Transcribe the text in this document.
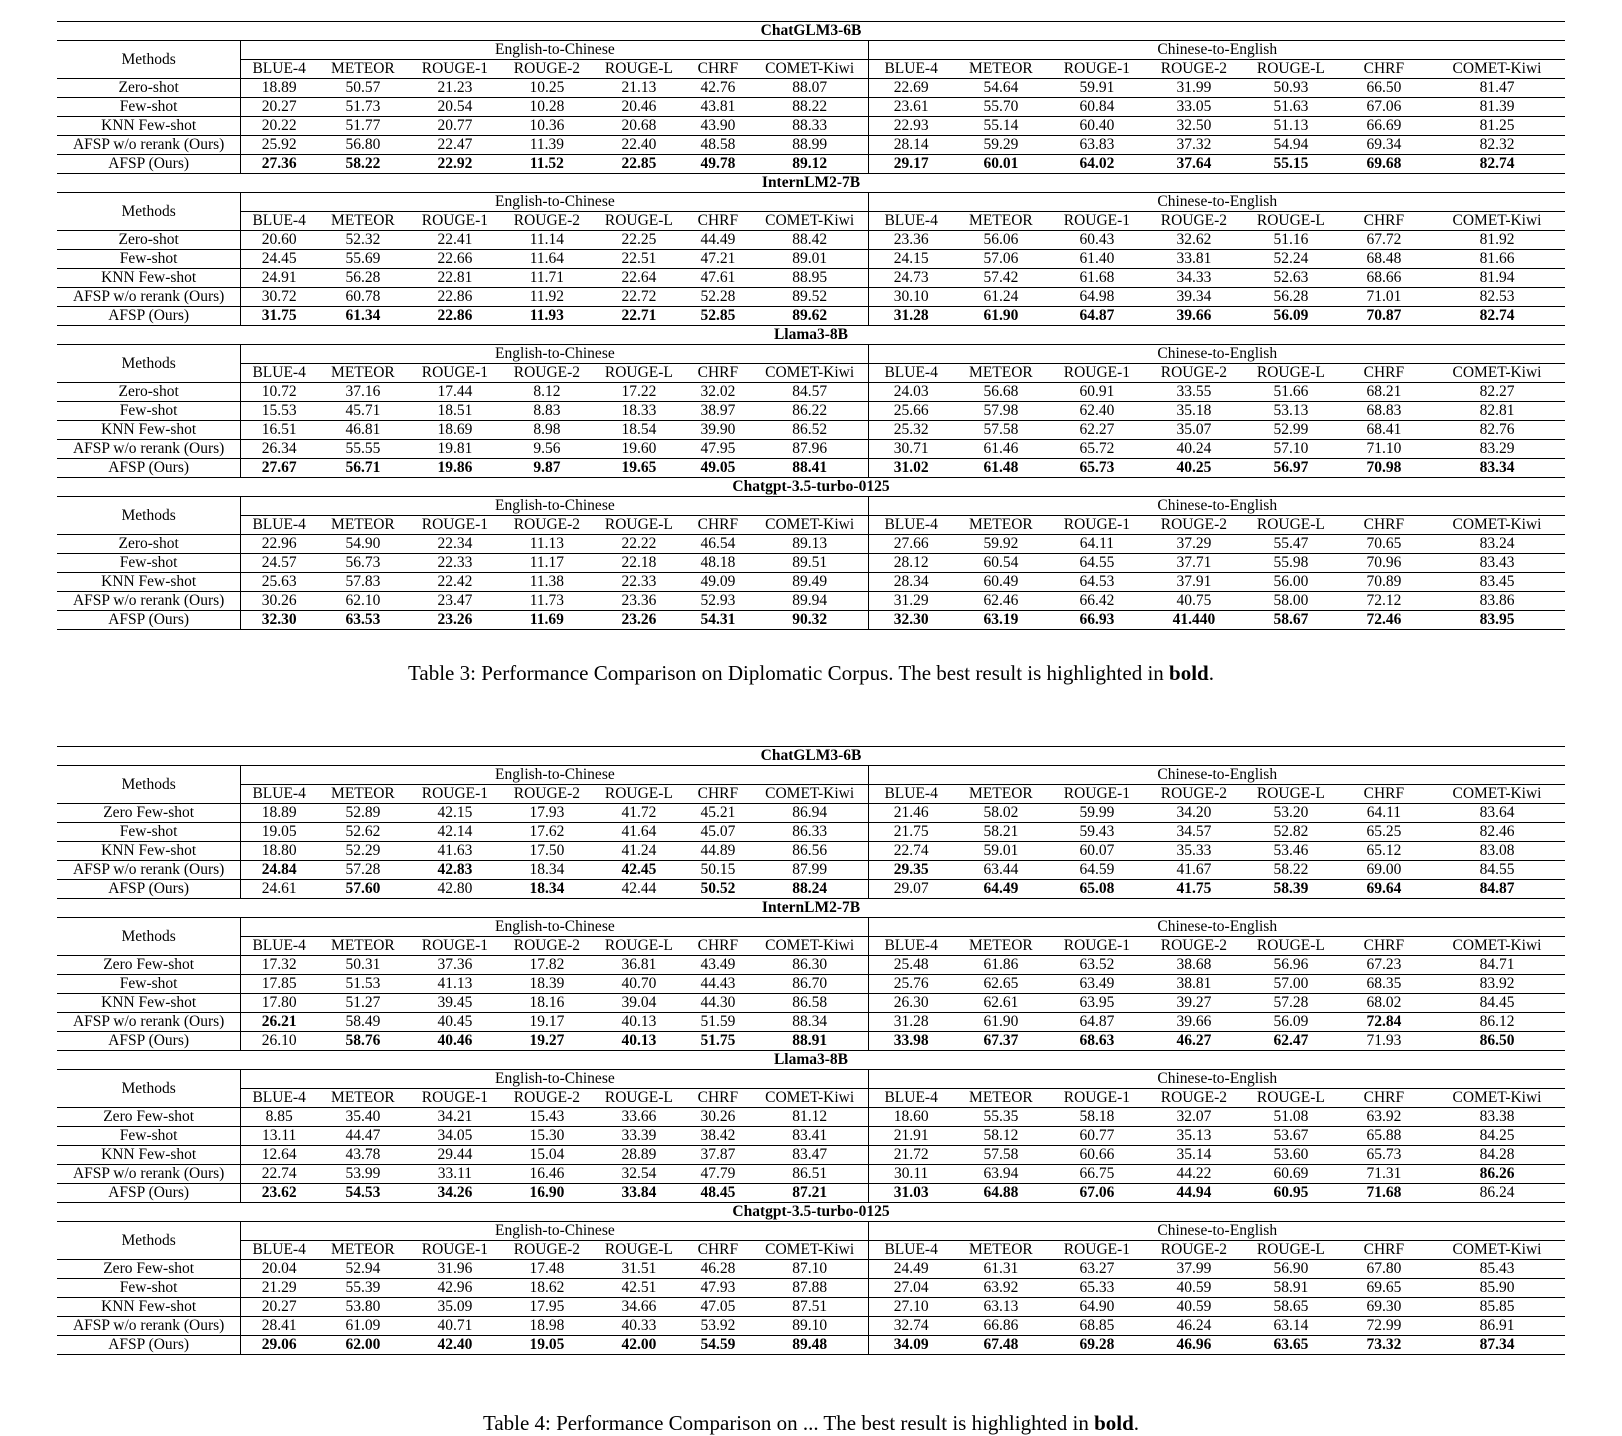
ChatGLM3-6B														
Methods	English-to-Chinese							Chinese-to-English						
	BLUE-4	METEOR	ROUGE-1	ROUGE-2	ROUGE-L	CHRF	COMET-Kiwi	BLUE-4	METEOR	ROUGE-1	ROUGE-2	ROUGE-L	CHRF	COMET-Kiwi
Zero-shot	18.89	50.57	21.23	10.25	21.13	42.76	88.07	22.69	54.64	59.91	31.99	50.93	66.50	81.47
Few-shot	20.27	51.73	20.54	10.28	20.46	43.81	88.22	23.61	55.70	60.84	33.05	51.63	67.06	81.39
KNN Few-shot	20.22	51.77	20.77	10.36	20.68	43.90	88.33	22.93	55.14	60.40	32.50	51.13	66.69	81.25
AFSP w/o rerank (Ours)	25.92	56.80	22.47	11.39	22.40	48.58	88.99	28.14	59.29	63.83	37.32	54.94	69.34	82.32
AFSP (Ours)	27.36	58.22	22.92	11.52	22.85	49.78	89.12	29.17	60.01	64.02	37.64	55.15	69.68	82.74
InternLM2-7B														
Methods	English-to-Chinese							Chinese-to-English						
	BLUE-4	METEOR	ROUGE-1	ROUGE-2	ROUGE-L	CHRF	COMET-Kiwi	BLUE-4	METEOR	ROUGE-1	ROUGE-2	ROUGE-L	CHRF	COMET-Kiwi
Zero-shot	20.60	52.32	22.41	11.14	22.25	44.49	88.42	23.36	56.06	60.43	32.62	51.16	67.72	81.92
Few-shot	24.45	55.69	22.66	11.64	22.51	47.21	89.01	24.15	57.06	61.40	33.81	52.24	68.48	81.66
KNN Few-shot	24.91	56.28	22.81	11.71	22.64	47.61	88.95	24.73	57.42	61.68	34.33	52.63	68.66	81.94
AFSP w/o rerank (Ours)	30.72	60.78	22.86	11.92	22.72	52.28	89.52	30.10	61.24	64.98	39.34	56.28	71.01	82.53
AFSP (Ours)	31.75	61.34	22.86	11.93	22.71	52.85	89.62	31.28	61.90	64.87	39.66	56.09	70.87	82.74
Llama3-8B														
Methods	English-to-Chinese							Chinese-to-English						
	BLUE-4	METEOR	ROUGE-1	ROUGE-2	ROUGE-L	CHRF	COMET-Kiwi	BLUE-4	METEOR	ROUGE-1	ROUGE-2	ROUGE-L	CHRF	COMET-Kiwi
Zero-shot	10.72	37.16	17.44	8.12	17.22	32.02	84.57	24.03	56.68	60.91	33.55	51.66	68.21	82.27
Few-shot	15.53	45.71	18.51	8.83	18.33	38.97	86.22	25.66	57.98	62.40	35.18	53.13	68.83	82.81
KNN Few-shot	16.51	46.81	18.69	8.98	18.54	39.90	86.52	25.32	57.58	62.27	35.07	52.99	68.41	82.76
AFSP w/o rerank (Ours)	26.34	55.55	19.81	9.56	19.60	47.95	87.96	30.71	61.46	65.72	40.24	57.10	71.10	83.29
AFSP (Ours)	27.67	56.71	19.86	9.87	19.65	49.05	88.41	31.02	61.48	65.73	40.25	56.97	70.98	83.34
Chatgpt-3.5-turbo-0125														
Methods	English-to-Chinese							Chinese-to-English						
	BLUE-4	METEOR	ROUGE-1	ROUGE-2	ROUGE-L	CHRF	COMET-Kiwi	BLUE-4	METEOR	ROUGE-1	ROUGE-2	ROUGE-L	CHRF	COMET-Kiwi
Zero-shot	22.96	54.90	22.34	11.13	22.22	46.54	89.13	27.66	59.92	64.11	37.29	55.47	70.65	83.24
Few-shot	24.57	56.73	22.33	11.17	22.18	48.18	89.51	28.12	60.54	64.55	37.71	55.98	70.96	83.43
KNN Few-shot	25.63	57.83	22.42	11.38	22.33	49.09	89.49	28.34	60.49	64.53	37.91	56.00	70.89	83.45
AFSP w/o rerank (Ours)	30.26	62.10	23.47	11.73	23.36	52.93	89.94	31.29	62.46	66.42	40.75	58.00	72.12	83.86
AFSP (Ours)	32.30	63.53	23.26	11.69	23.26	54.31	90.32	32.30	63.19	66.93	41.440	58.67	72.46	83.95
Table 3: Performance Comparison on Diplomatic Corpus. The best result is highlighted in bold.
ChatGLM3-6B														
Methods	English-to-Chinese							Chinese-to-English						
	BLUE-4	METEOR	ROUGE-1	ROUGE-2	ROUGE-L	CHRF	COMET-Kiwi	BLUE-4	METEOR	ROUGE-1	ROUGE-2	ROUGE-L	CHRF	COMET-Kiwi
Zero Few-shot	18.89	52.89	42.15	17.93	41.72	45.21	86.94	21.46	58.02	59.99	34.20	53.20	64.11	83.64
Few-shot	19.05	52.62	42.14	17.62	41.64	45.07	86.33	21.75	58.21	59.43	34.57	52.82	65.25	82.46
KNN Few-shot	18.80	52.29	41.63	17.50	41.24	44.89	86.56	22.74	59.01	60.07	35.33	53.46	65.12	83.08
AFSP w/o rerank (Ours)	24.84	57.28	42.83	18.34	42.45	50.15	87.99	29.35	63.44	64.59	41.67	58.22	69.00	84.55
AFSP (Ours)	24.61	57.60	42.80	18.34	42.44	50.52	88.24	29.07	64.49	65.08	41.75	58.39	69.64	84.87
InternLM2-7B														
Methods	English-to-Chinese							Chinese-to-English						
	BLUE-4	METEOR	ROUGE-1	ROUGE-2	ROUGE-L	CHRF	COMET-Kiwi	BLUE-4	METEOR	ROUGE-1	ROUGE-2	ROUGE-L	CHRF	COMET-Kiwi
Zero Few-shot	17.32	50.31	37.36	17.82	36.81	43.49	86.30	25.48	61.86	63.52	38.68	56.96	67.23	84.71
Few-shot	17.85	51.53	41.13	18.39	40.70	44.43	86.70	25.76	62.65	63.49	38.81	57.00	68.35	83.92
KNN Few-shot	17.80	51.27	39.45	18.16	39.04	44.30	86.58	26.30	62.61	63.95	39.27	57.28	68.02	84.45
AFSP w/o rerank (Ours)	26.21	58.49	40.45	19.17	40.13	51.59	88.34	31.28	61.90	64.87	39.66	56.09	72.84	86.12
AFSP (Ours)	26.10	58.76	40.46	19.27	40.13	51.75	88.91	33.98	67.37	68.63	46.27	62.47	71.93	86.50
Llama3-8B														
Methods	English-to-Chinese							Chinese-to-English						
	BLUE-4	METEOR	ROUGE-1	ROUGE-2	ROUGE-L	CHRF	COMET-Kiwi	BLUE-4	METEOR	ROUGE-1	ROUGE-2	ROUGE-L	CHRF	COMET-Kiwi
Zero Few-shot	8.85	35.40	34.21	15.43	33.66	30.26	81.12	18.60	55.35	58.18	32.07	51.08	63.92	83.38
Few-shot	13.11	44.47	34.05	15.30	33.39	38.42	83.41	21.91	58.12	60.77	35.13	53.67	65.88	84.25
KNN Few-shot	12.64	43.78	29.44	15.04	28.89	37.87	83.47	21.72	57.58	60.66	35.14	53.60	65.73	84.28
AFSP w/o rerank (Ours)	22.74	53.99	33.11	16.46	32.54	47.79	86.51	30.11	63.94	66.75	44.22	60.69	71.31	86.26
AFSP (Ours)	23.62	54.53	34.26	16.90	33.84	48.45	87.21	31.03	64.88	67.06	44.94	60.95	71.68	86.24
Chatgpt-3.5-turbo-0125														
Methods	English-to-Chinese							Chinese-to-English						
	BLUE-4	METEOR	ROUGE-1	ROUGE-2	ROUGE-L	CHRF	COMET-Kiwi	BLUE-4	METEOR	ROUGE-1	ROUGE-2	ROUGE-L	CHRF	COMET-Kiwi
Zero Few-shot	20.04	52.94	31.96	17.48	31.51	46.28	87.10	24.49	61.31	63.27	37.99	56.90	67.80	85.43
Few-shot	21.29	55.39	42.96	18.62	42.51	47.93	87.88	27.04	63.92	65.33	40.59	58.91	69.65	85.90
KNN Few-shot	20.27	53.80	35.09	17.95	34.66	47.05	87.51	27.10	63.13	64.90	40.59	58.65	69.30	85.85
AFSP w/o rerank (Ours)	28.41	61.09	40.71	18.98	40.33	53.92	89.10	32.74	66.86	68.85	46.24	63.14	72.99	86.91
AFSP (Ours)	29.06	62.00	42.40	19.05	42.00	54.59	89.48	34.09	67.48	69.28	46.96	63.65	73.32	87.34
Table 4: Performance Comparison on ... The best result is highlighted in bold.
